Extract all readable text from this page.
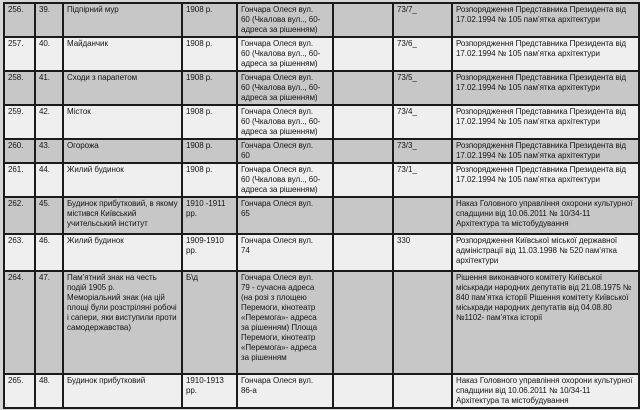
256.	39.	Підпірний мур	1908 р.	Гончара Олеся вул.
60 (Чкалова вул.., 60-
адреса за рішенням)		73/7_	Розпорядження Представника Президента від 17.02.1994 № 105 пам’ятка архітектури
257.	40.	Майданчик	1908 р.	Гончара Олеся вул.
60 (Чкалова вул.., 60-
адреса за рішенням)		73/6_	Розпорядження Представника Президента від 17.02.1994 № 105 пам’ятка архітектури
258.	41.	Сходи з парапетом	1908 р.	Гончара Олеся вул.
60 (Чкалова вул.., 60-
адреса за рішенням)		73/5_	Розпорядження Представника Президента від 17.02.1994 № 105 пам’ятка архітектури
259.	42.	Місток	1908 р.	Гончара Олеся вул.
60 (Чкалова вул.., 60-
адреса за рішенням)		73/4_	Розпорядження Представника Президента від 17.02.1994 № 105 пам’ятка архітектури
260.	43.	Огорожа	1908 р.	Гончара Олеся вул.
60		73/3_	Розпорядження Представника Президента від 17.02.1994 № 105 пам’ятка архітектури
261.	44.	Жилий будинок	1908 р.	Гончара Олеся вул.
60 (Чкалова вул.., 60-
адреса за рішенням)		73/1_	Розпорядження Представника Президента від 17.02.1994 № 105 пам’ятка архітектури
262.	45.	Будинок прибутковий, в якому містився Київський учительський інститут	1910 -1911 рр.	Гончара Олеся вул.
65			Наказ Головного управління охорони культурної спадщини від 10.06.2011 № 10/34-11 Архітектура та містобудування
263.	46.	Жилий будинок	1909-1910 рр.	Гончара Олеся вул.
74		330	Розпорядження Київської міської державної адміністрації від 11.03.1998 № 520 пам’ятка архітектури
264.	47.	Пам’ятний знак на честь подій 1905 р.
Меморіальний знак (на цій площі були розстріляні робочі і сапери, яки виступили проти самодержавства)	Б\д	Гончара Олеся вул.
79 - сучасна адреса
(на розі з площею
Перемоги, кінотеатр
«Перемога»- адреса
за рішенням) Площа
Перемоги, кінотеатр
«Перемога»- адреса
за рішенням			Рішення виконавчого комітету Київської міськради народних депутатів від 21.08.1975 № 840 пам’ятка історії Рішення комітету Київської міськради народних депутатів від 04.08.80 №1102- пам’ятка історії
265.	48.	Будинок прибутковий	1910-1913 рр.	Гончара Олеся вул.
86-а			Наказ Головного управління охорони культурної спадщини від 10.06.2011 № 10/34-11 Архітектура та містобудування
